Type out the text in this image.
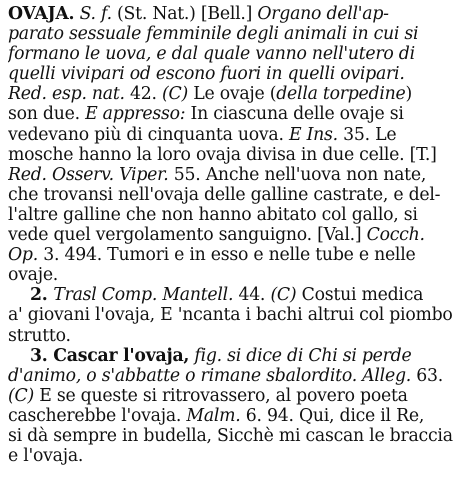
OVAJA. S. f. (St. Nat.) [Bell.] Organo dell'ap-
parato sessuale femminile degli animali in cui si
formano le uova, e dal quale vanno nell'utero di
quelli vivipari od escono fuori in quelli ovipari.
Red. esp. nat. 42. (C) Le ovaje (della torpedine)
son due. E appresso: In ciascuna delle ovaje si
vedevano più di cinquanta uova. E Ins. 35. Le
mosche hanno la loro ovaja divisa in due celle. [T.]
Red. Osserv. Viper. 55. Anche nell'uova non nate,
che trovansi nell'ovaja delle galline castrate, e del-
l'altre galline che non hanno abitato col gallo, si
vede quel vergolamento sanguigno. [Val.] Cocch.
Op. 3. 494. Tumori e in esso e nelle tube e nelle
ovaje.
2. Trasl Comp. Mantell. 44. (C) Costui medica
a' giovani l'ovaja, E 'ncanta i bachi altrui col piombo
strutto.
3. Cascar l'ovaja, fig. si dice di Chi si perde
d'animo, o s'abbatte o rimane sbalordito. Alleg. 63.
(C) E se queste si ritrovassero, al povero poeta
cascherebbe l'ovaja. Malm. 6. 94. Qui, dice il Re,
si dà sempre in budella, Sicchè mi cascan le braccia
e l'ovaja.
